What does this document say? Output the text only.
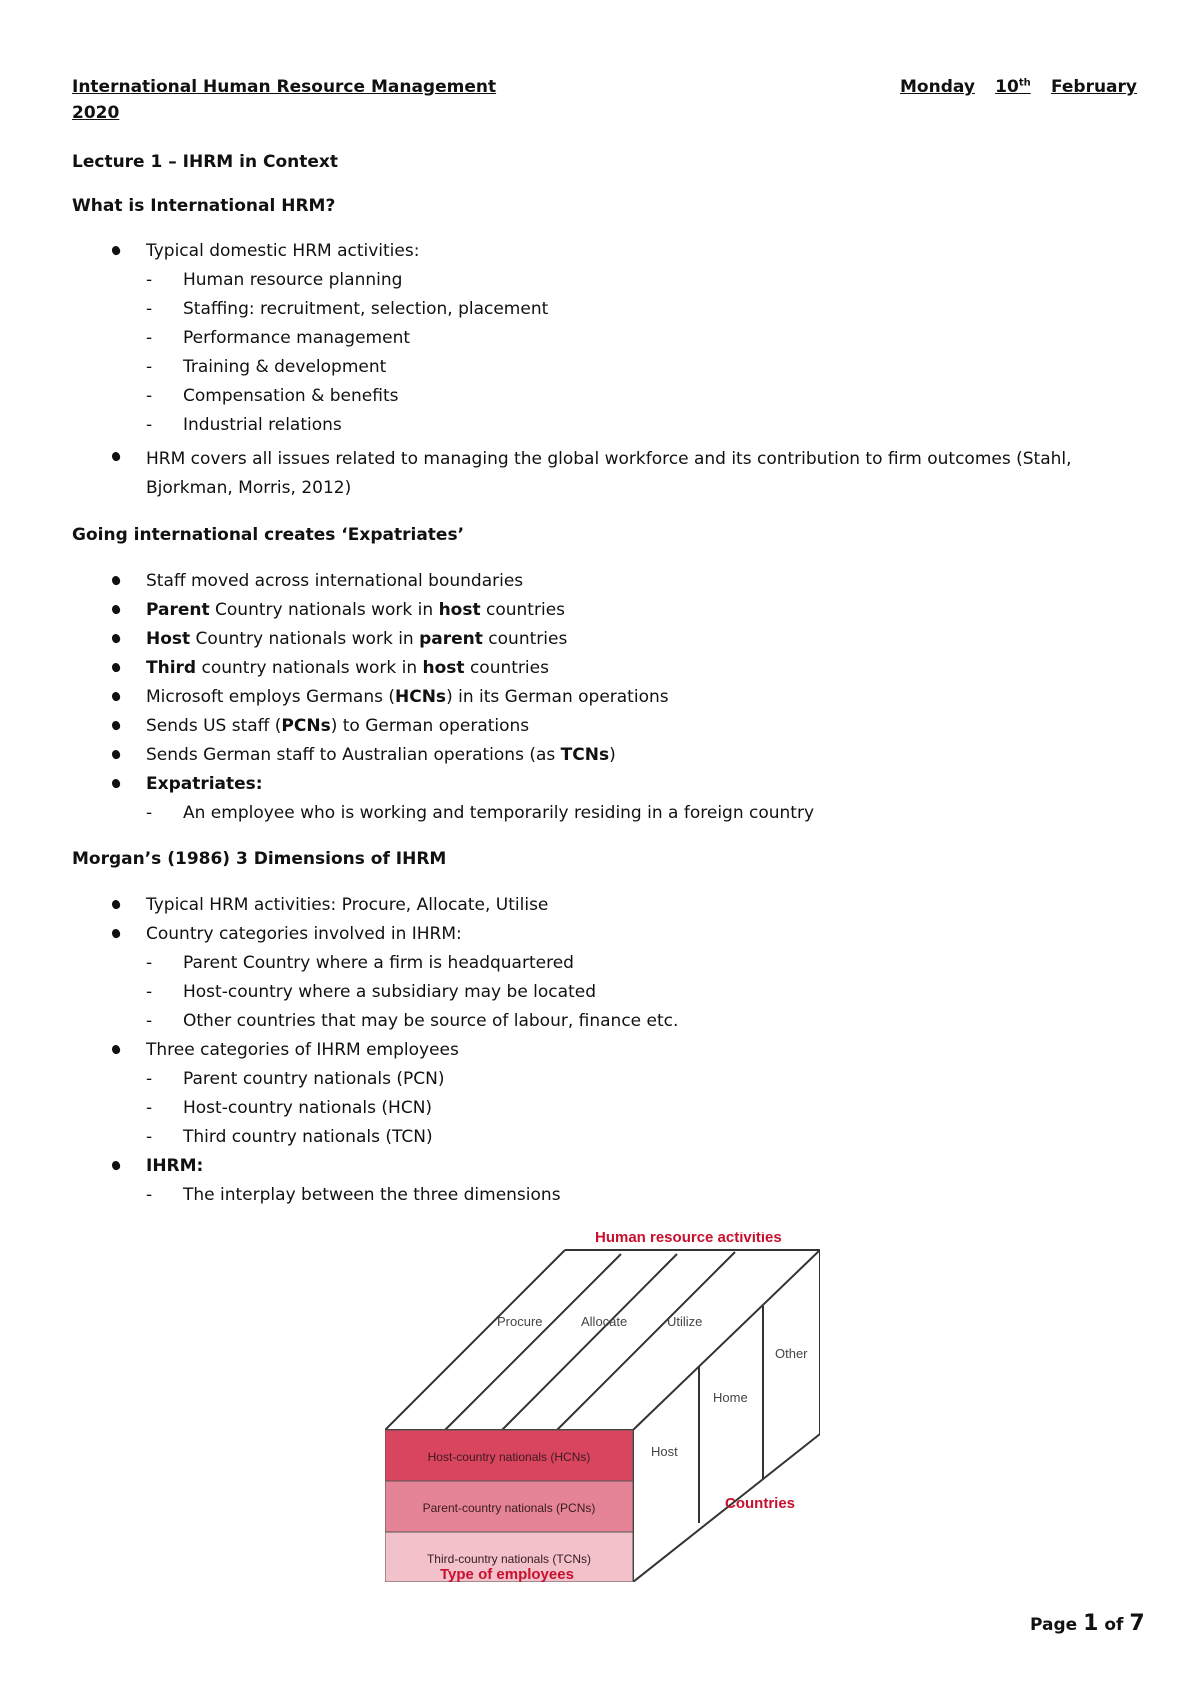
International Human Resource Management
2020
Monday 10th February
Lecture 1 – IHRM in Context
What is International HRM?
Typical domestic HRM activities:
- Human resource planning
- Staffing: recruitment, selection, placement
- Performance management
- Training & development
- Compensation & benefits
- Industrial relations
HRM covers all issues related to managing the global workforce and its contribution to firm outcomes (Stahl, Bjorkman, Morris, 2012)
Going international creates ‘Expatriates’
Staff moved across international boundaries
Parent Country nationals work in host countries
Host Country nationals work in parent countries
Third country nationals work in host countries
Microsoft employs Germans (HCNs) in its German operations
Sends US staff (PCNs) to German operations
Sends German staff to Australian operations (as TCNs)
Expatriates:
- An employee who is working and temporarily residing in a foreign country
Morgan’s (1986) 3 Dimensions of IHRM
Typical HRM activities: Procure, Allocate, Utilise
Country categories involved in IHRM:
- Parent Country where a firm is headquartered
- Host-country where a subsidiary may be located
- Other countries that may be source of labour, finance etc.
Three categories of IHRM employees
- Parent country nationals (PCN)
- Host-country nationals (HCN)
- Third country nationals (TCN)
IHRM:
- The interplay between the three dimensions
Human resource activities
Procure	Allocate	Utilize
Host
Home
Other
Countries
Host-country nationals (HCNs)
Parent-country nationals (PCNs)
Third-country nationals (TCNs)
Type of employees
Page 1 of 7
